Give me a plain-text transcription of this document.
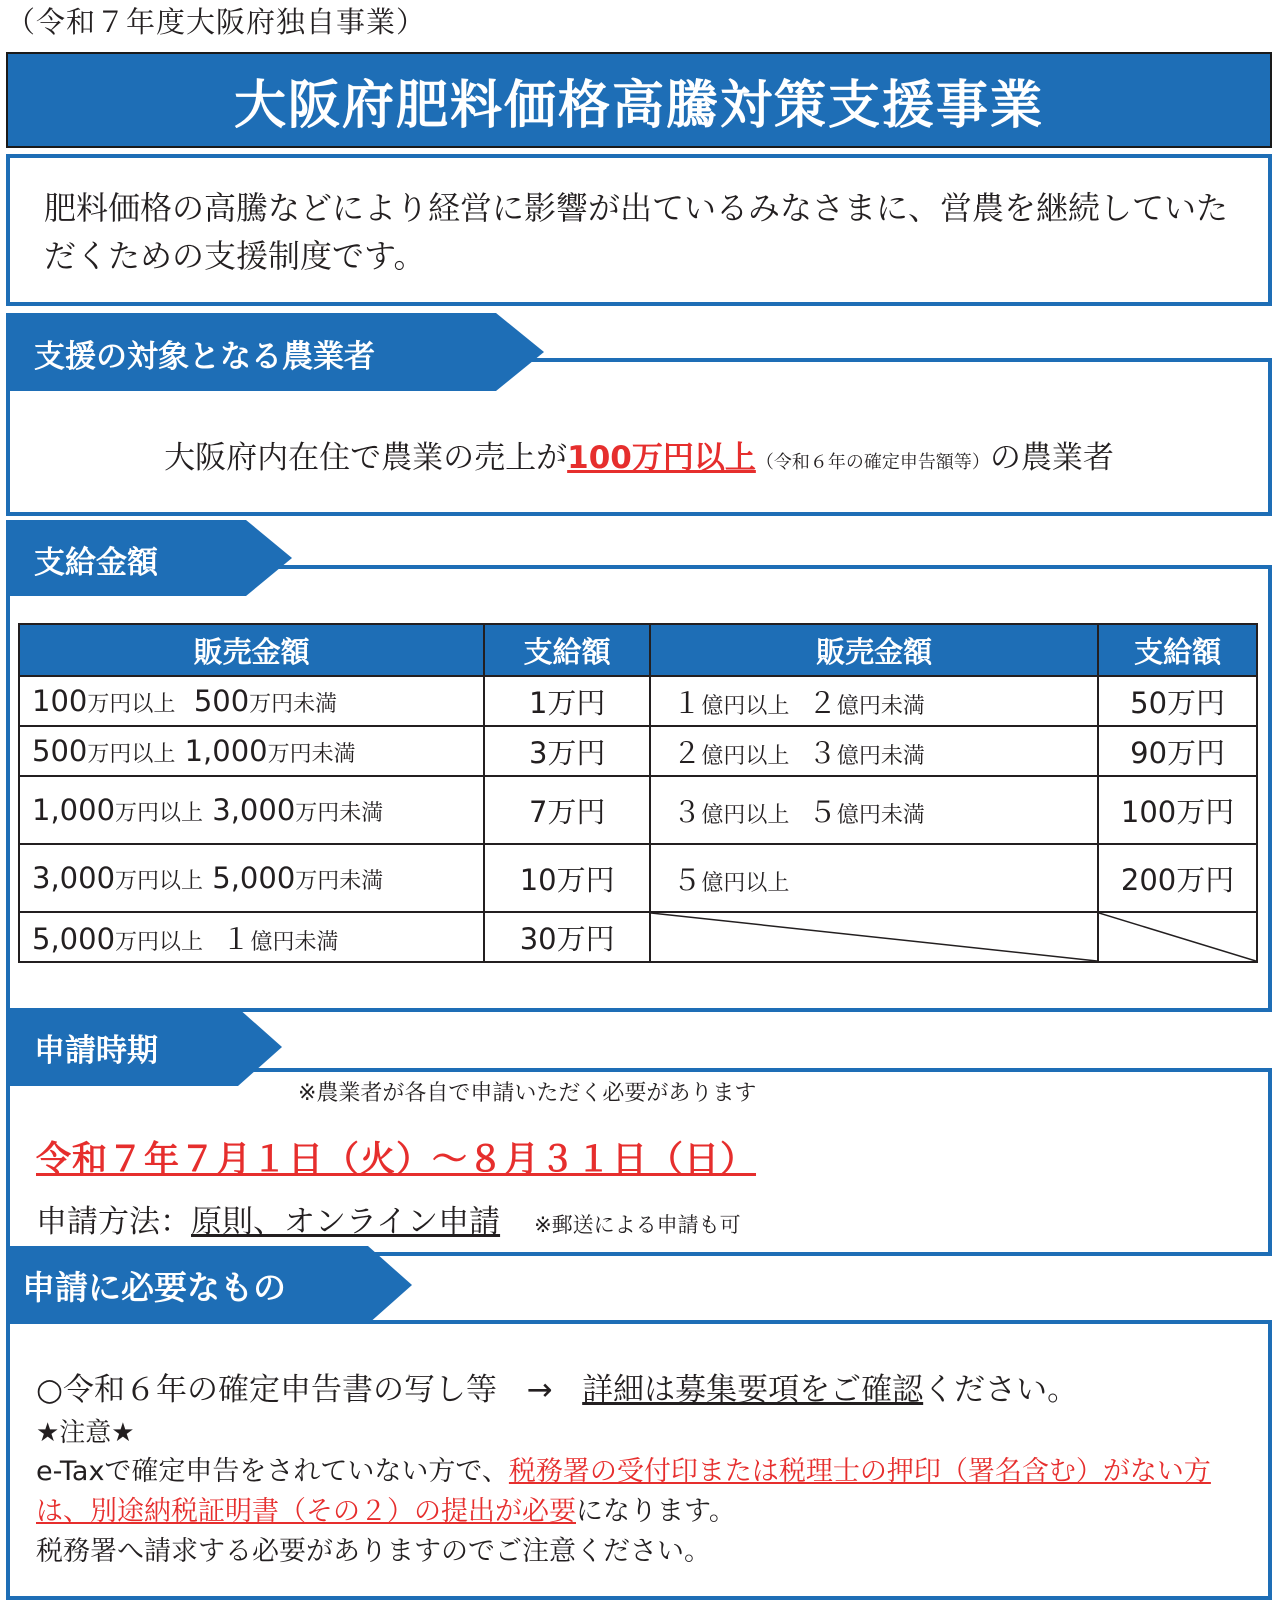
（令和７年度大阪府独自事業）
大阪府肥料価格高騰対策支援事業
肥料価格の高騰などにより経営に影響が出ているみなさまに、営農を継続していただくための支援制度です。
大阪府内在住で農業の売上が100万円以上（令和６年の確定申告額等）の農業者
支援の対象となる農業者
支給金額
販売金額	支給額	販売金額	支給額
100万円以上 500万円未満	1万円	１億円以上 ２億円未満	50万円
500万円以上 1,000万円未満	3万円	２億円以上 ３億円未満	90万円
1,000万円以上 3,000万円未満	7万円	３億円以上 ５億円未満	100万円
3,000万円以上 5,000万円未満	10万円	５億円以上	200万円
5,000万円以上 １億円未満	30万円	

申請時期
※農業者が各自で申請いただく必要があります
令和７年７月１日（火）～８月３１日（日）
申請方法：原則、オンライン申請 ※郵送による申請も可
申請に必要なもの
○令和６年の確定申告書の写し等 → 詳細は募集要項をご確認ください。
★注意★
e-Taxで確定申告をされていない方で、税務署の受付印または税理士の押印（署名含む）がない方は、別途納税証明書（その２）の提出が必要になります。
税務署へ請求する必要がありますのでご注意ください。
